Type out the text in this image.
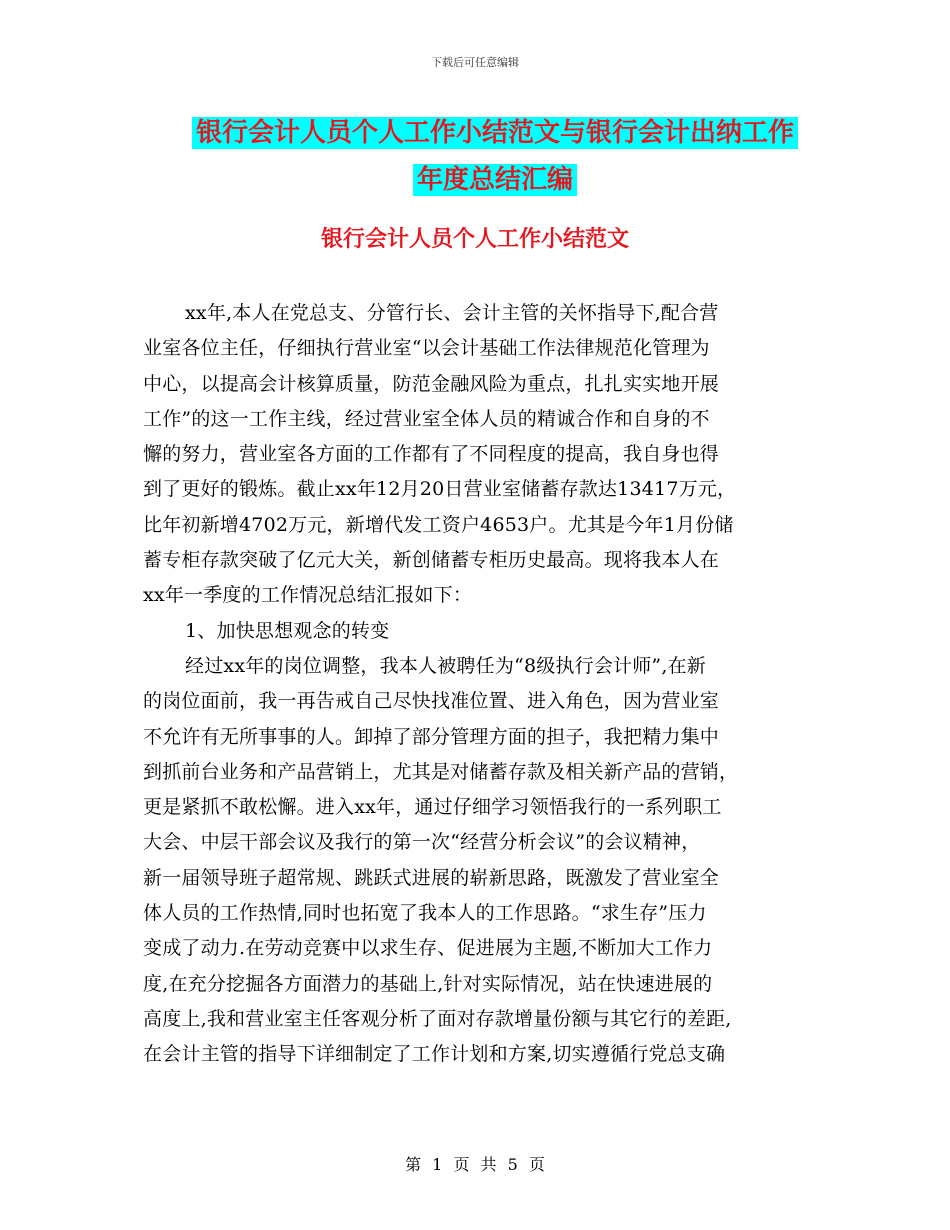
下载后可任意编辑
银行会计人员个人工作小结范文与银行会计出纳工作
年度总结汇编
银行会计人员个人工作小结范文
xx年,本人在党总支、分管行长、会计主管的关怀指导下,配合营
业室各位主任，仔细执行营业室“以会计基础工作法律规范化管理为
中心，以提高会计核算质量，防范金融风险为重点，扎扎实实地开展
工作”的这一工作主线，经过营业室全体人员的精诚合作和自身的不
懈的努力，营业室各方面的工作都有了不同程度的提高，我自身也得
到了更好的锻炼。截止xx年12月20日营业室储蓄存款达13417万元，
比年初新增4702万元，新增代发工资户4653户。尤其是今年1月份储
蓄专柜存款突破了亿元大关，新创储蓄专柜历史最高。现将我本人在
xx年一季度的工作情况总结汇报如下：
1、加快思想观念的转变
经过xx年的岗位调整，我本人被聘任为“8级执行会计师”,在新
的岗位面前，我一再告戒自己尽快找准位置、进入角色，因为营业室
不允许有无所事事的人。卸掉了部分管理方面的担子，我把精力集中
到抓前台业务和产品营销上，尤其是对储蓄存款及相关新产品的营销，
更是紧抓不敢松懈。进入xx年，通过仔细学习领悟我行的一系列职工
大会、中层干部会议及我行的第一次“经营分析会议”的会议精神，
新一届领导班子超常规、跳跃式进展的崭新思路，既激发了营业室全
体人员的工作热情,同时也拓宽了我本人的工作思路。“求生存”压力
变成了动力.在劳动竞赛中以求生存、促进展为主题,不断加大工作力
度,在充分挖掘各方面潜力的基础上,针对实际情况，站在快速进展的
高度上,我和营业室主任客观分析了面对存款增量份额与其它行的差距,
在会计主管的指导下详细制定了工作计划和方案,切实遵循行党总支确
第 1 页 共 5 页
